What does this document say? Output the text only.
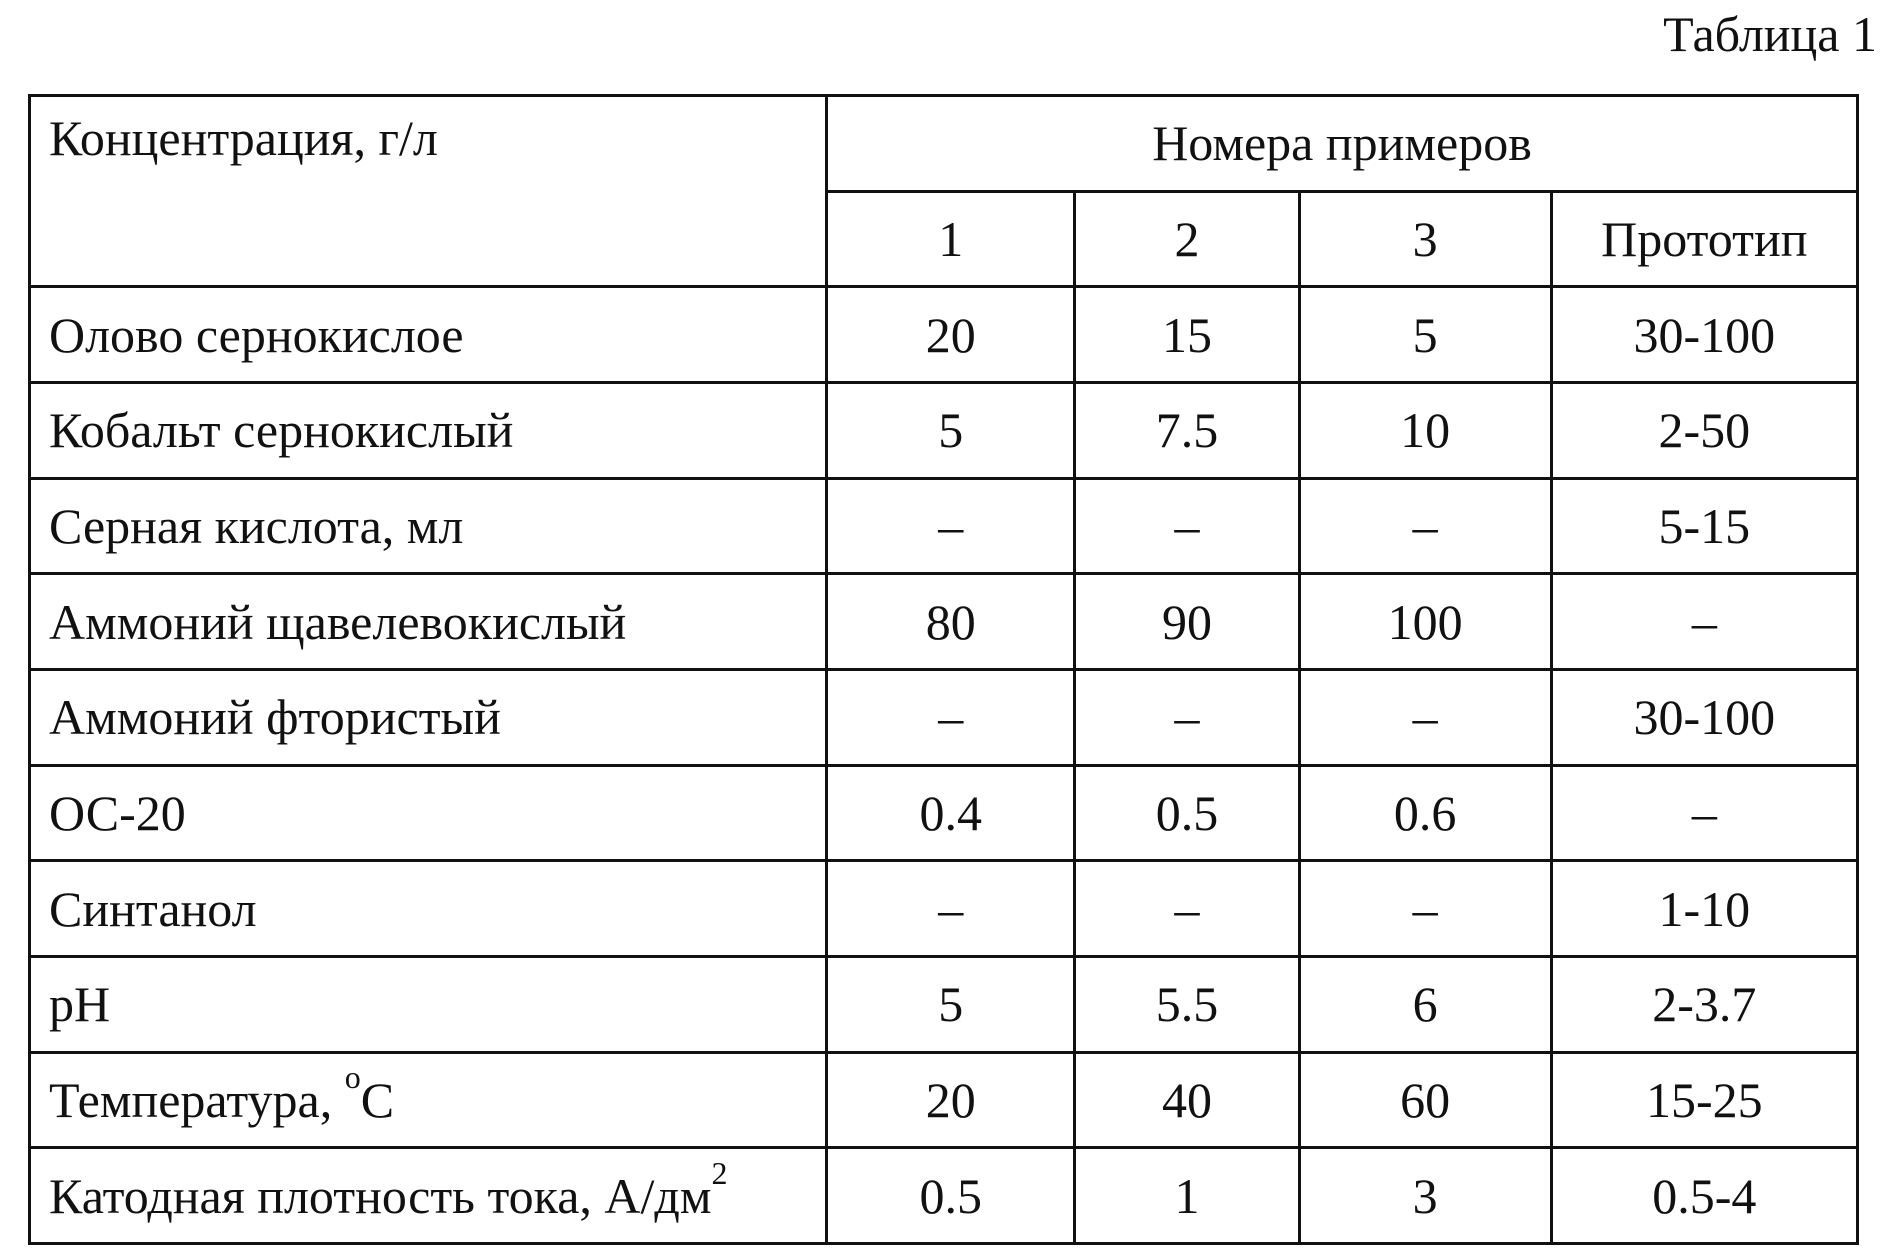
Таблица 1
Концентрация, г/л	Номера примеров			
	1	2	3	Прототип
Олово сернокислое	20	15	5	30-100
Кобальт сернокислый	5	7.5	10	2-50
Серная кислота, мл	–	–	–	5-15
Аммоний щавелевокислый	80	90	100	–
Аммоний фтористый	–	–	–	30-100
ОС-20	0.4	0.5	0.6	–
Синтанол	–	–	–	1-10
pH	5	5.5	6	2-3.7
Температура, $^o$C	20	40	60	15-25
Катодная плотность тока, $А/дм^2$	0.5	1	3	0.5-4
